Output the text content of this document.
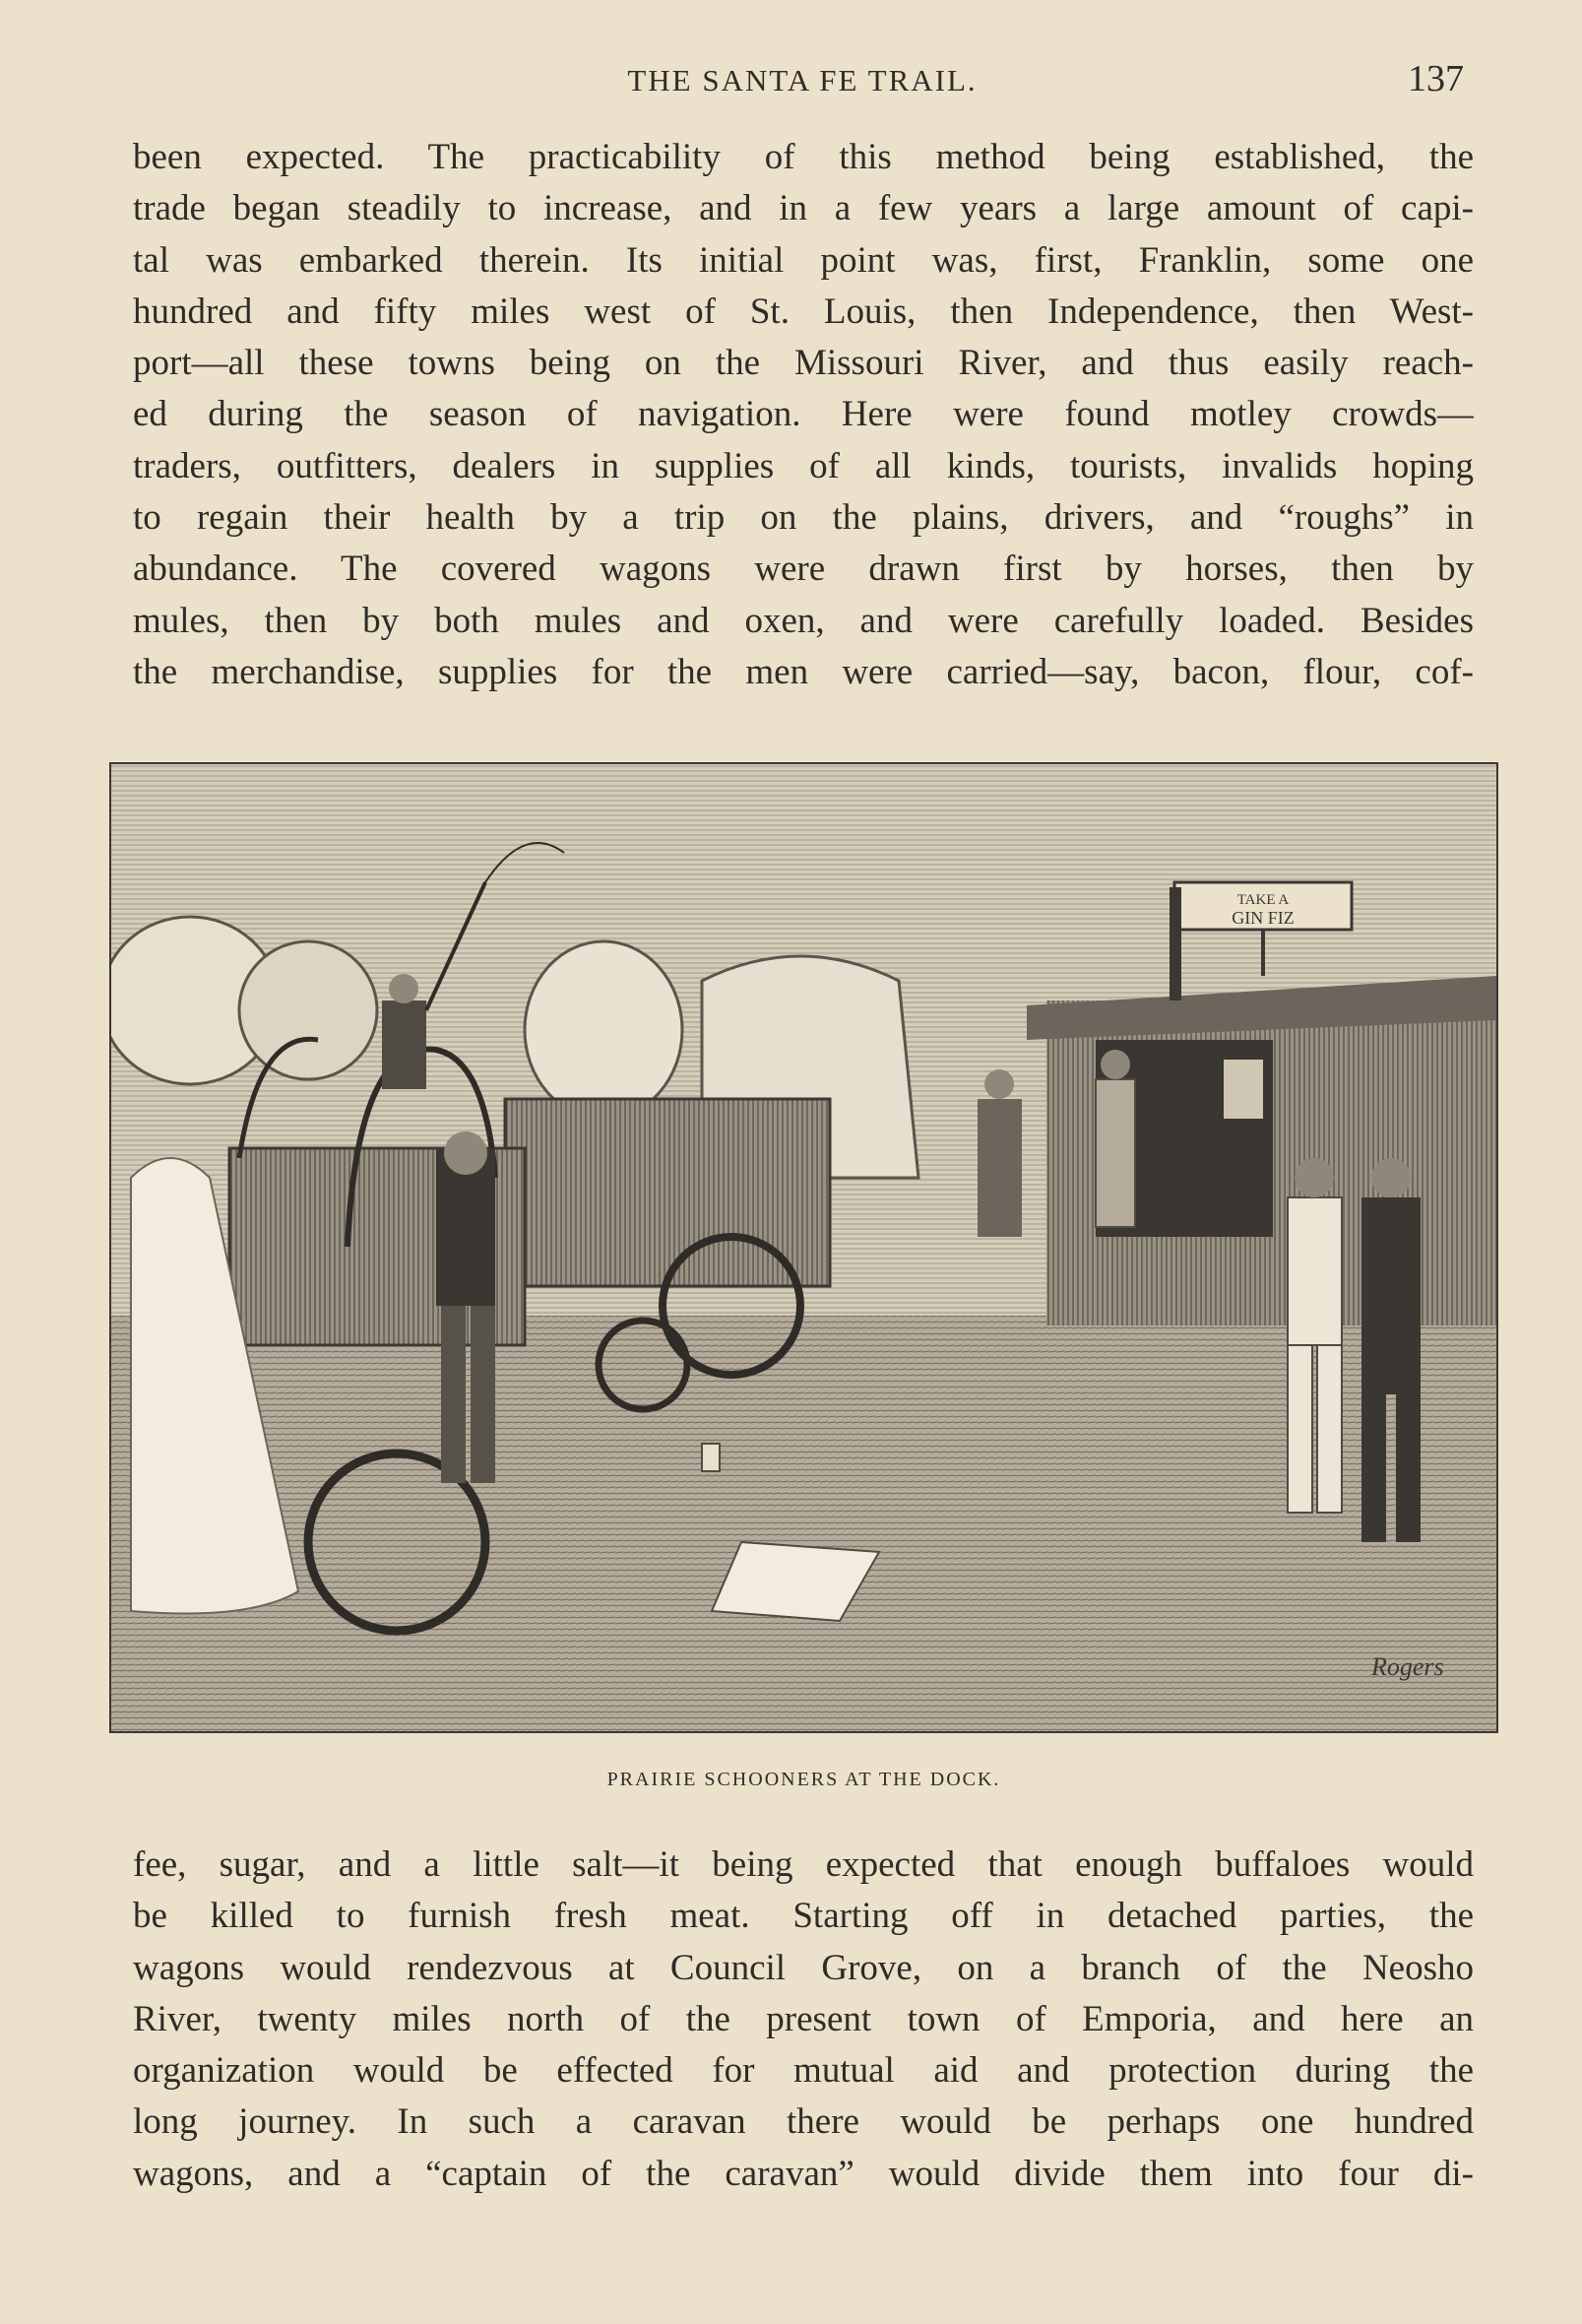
THE SANTA FE TRAIL.	137
been expected. The practicability of this method being established, the
trade began steadily to increase, and in a few years a large amount of capi-
tal was embarked therein. Its initial point was, first, Franklin, some one
hundred and fifty miles west of St. Louis, then Independence, then West-
port—all these towns being on the Missouri River, and thus easily reach-
ed during the season of navigation. Here were found motley crowds—
traders, outfitters, dealers in supplies of all kinds, tourists, invalids hoping
to regain their health by a trip on the plains, drivers, and “roughs” in
abundance. The covered wagons were drawn first by horses, then by
mules, then by both mules and oxen, and were carefully loaded. Besides
the merchandise, supplies for the men were carried—say, bacon, flour, cof-
TAKE A
GIN FIZ
Rogers
PRAIRIE SCHOONERS AT THE DOCK.
fee, sugar, and a little salt—it being expected that enough buffaloes would
be killed to furnish fresh meat. Starting off in detached parties, the
wagons would rendezvous at Council Grove, on a branch of the Neosho
River, twenty miles north of the present town of Emporia, and here an
organization would be effected for mutual aid and protection during the
long journey. In such a caravan there would be perhaps one hundred
wagons, and a “captain of the caravan” would divide them into four di-
